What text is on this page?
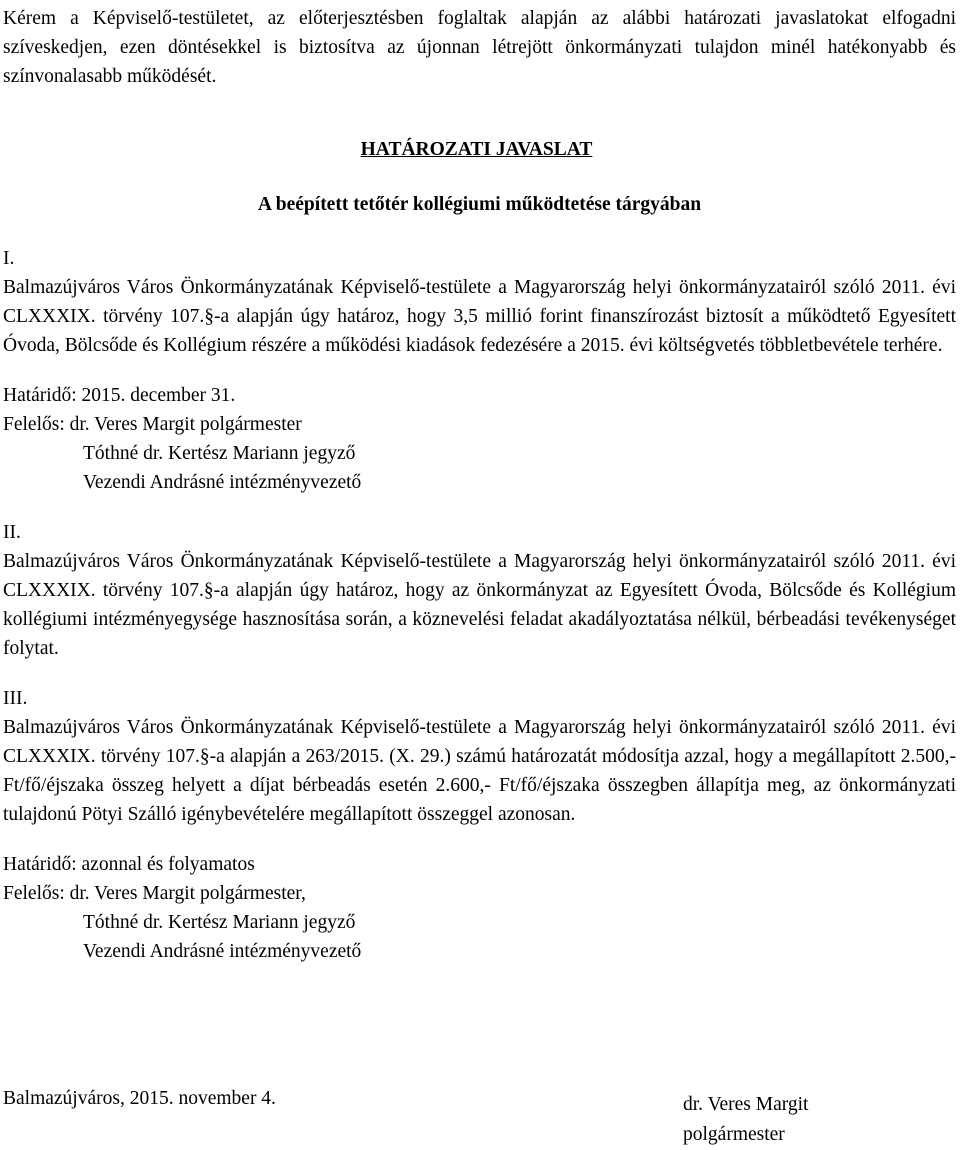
Kérem a Képviselő-testületet, az előterjesztésben foglaltak alapján az alábbi határozati javaslatokat elfogadni szíveskedjen, ezen döntésekkel is biztosítva az újonnan létrejött önkormányzati tulajdon minél hatékonyabb és színvonalasabb működését.

HATÁROZATI JAVASLAT

A beépített tetőtér kollégiumi működtetése tárgyában

I.

Balmazújváros Város Önkormányzatának Képviselő-testülete a Magyarország helyi önkormányzatairól szóló 2011. évi CLXXXIX. törvény 107.§-a alapján úgy határoz, hogy 3,5 millió forint finanszírozást biztosít a működtető Egyesített Óvoda, Bölcsőde és Kollégium részére a működési kiadások fedezésére a 2015. évi költségvetés többletbevétele terhére.

Határidő: 2015. december 31.

Felelős: dr. Veres Margit polgármester

Tóthné dr. Kertész Mariann jegyző

Vezendi Andrásné intézményvezető

II.

Balmazújváros Város Önkormányzatának Képviselő-testülete a Magyarország helyi önkormányzatairól szóló 2011. évi CLXXXIX. törvény 107.§-a alapján úgy határoz, hogy az önkormányzat az Egyesített Óvoda, Bölcsőde és Kollégium kollégiumi intézményegysége hasznosítása során, a köznevelési feladat akadályoztatása nélkül, bérbeadási tevékenységet folytat.

III.

Balmazújváros Város Önkormányzatának Képviselő-testülete a Magyarország helyi önkormányzatairól szóló 2011. évi CLXXXIX. törvény 107.§-a alapján a 263/2015. (X. 29.) számú határozatát módosítja azzal, hogy a megállapított 2.500,- Ft/fő/éjszaka összeg helyett a díjat bérbeadás esetén 2.600,- Ft/fő/éjszaka összegben állapítja meg, az önkormányzati tulajdonú Pötyi Szálló igénybevételére megállapított összeggel azonosan.

Határidő: azonnal és folyamatos

Felelős: dr. Veres Margit polgármester,

Tóthné dr. Kertész Mariann jegyző

Vezendi Andrásné intézményvezető

Balmazújváros, 2015. november 4.	dr. Veres Margit
polgármester
